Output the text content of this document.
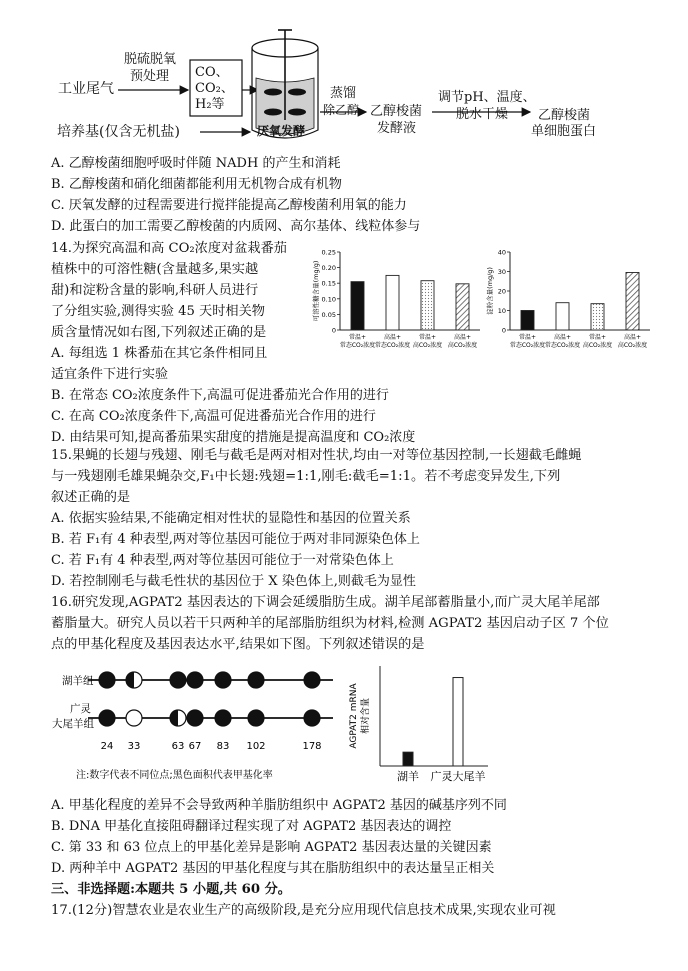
工业尾气
脱硫脱氧
预处理 CO、
CO₂、
H₂等
培养基(仅含无机盐)	厌氧发酵
蒸馏
除乙醇 乙醇梭菌
发酵液
调节pH、温度、
脱水干燥 乙醇梭菌
单细胞蛋白
A. 乙醇梭菌细胞呼吸时伴随 NADH 的产生和消耗
B. 乙醇梭菌和硝化细菌都能利用无机物合成有机物
C. 厌氧发酵的过程需要进行搅拌能提高乙醇梭菌利用氧的能力
D. 此蛋白的加工需要乙醇梭菌的内质网、高尔基体、线粒体参与
14.为探究高温和高 CO₂浓度对盆栽番茄
植株中的可溶性糖(含量越多,果实越
甜)和淀粉含量的影响,科研人员进行
了分组实验,测得实验 45 天时相关物
质含量情况如右图,下列叙述正确的是
A. 每组选 1 株番茄在其它条件相同且
适宜条件下进行实验
B. 在常态 CO₂浓度条件下,高温可促进番茄光合作用的进行
C. 在高 CO₂浓度条件下,高温可促进番茄光合作用的进行
D. 由结果可知,提高番茄果实甜度的措施是提高温度和 CO₂浓度
0
0.05
0.10
0.15
0.20
0.25
可溶性糖含量(mg/g)
常温+
常态CO₂浓度
高温+
常态CO₂浓度
常温+
高CO₂浓度
高温+
高CO₂浓度
0
10
20
30
40
淀粉含量(mg/g)
常温+
常态CO₂浓度
高温+
常态CO₂浓度
常温+
高CO₂浓度
高温+
高CO₂浓度
15.果蝇的长翅与残翅、刚毛与截毛是两对相对性状,均由一对等位基因控制,一长翅截毛雌蝇
与一残翅刚毛雄果蝇杂交,F₁中长翅:残翅=1:1,刚毛:截毛=1:1。若不考虑变异发生,下列
叙述正确的是
A. 依据实验结果,不能确定相对性状的显隐性和基因的位置关系
B. 若 F₁有 4 种表型,两对等位基因可能位于两对非同源染色体上
C. 若 F₁有 4 种表型,两对等位基因可能位于一对常染色体上
D. 若控制刚毛与截毛性状的基因位于 X 染色体上,则截毛为显性
16.研究发现,AGPAT2 基因表达的下调会延缓脂肪生成。湖羊尾部蓄脂量小,而广灵大尾羊尾部
蓄脂量大。研究人员以若干只两种羊的尾部脂肪组织为材料,检测 AGPAT2 基因启动子区 7 个位
点的甲基化程度及基因表达水平,结果如下图。下列叙述错误的是
湖羊组
广灵
大尾羊组
24 33	63 67 83 102	178
注:数字代表不同位点;黑色面积代表甲基化率
AGPAT2 mRNA 相对含量
湖羊 广灵大尾羊
A. 甲基化程度的差异不会导致两种羊脂肪组织中 AGPAT2 基因的碱基序列不同
B. DNA 甲基化直接阻碍翻译过程实现了对 AGPAT2 基因表达的调控
C. 第 33 和 63 位点上的甲基化差异是影响 AGPAT2 基因表达量的关键因素
D. 两种羊中 AGPAT2 基因的甲基化程度与其在脂肪组织中的表达量呈正相关
三、非选择题:本题共 5 小题,共 60 分。
17.(12分)智慧农业是农业生产的高级阶段,是充分应用现代信息技术成果,实现农业可视
